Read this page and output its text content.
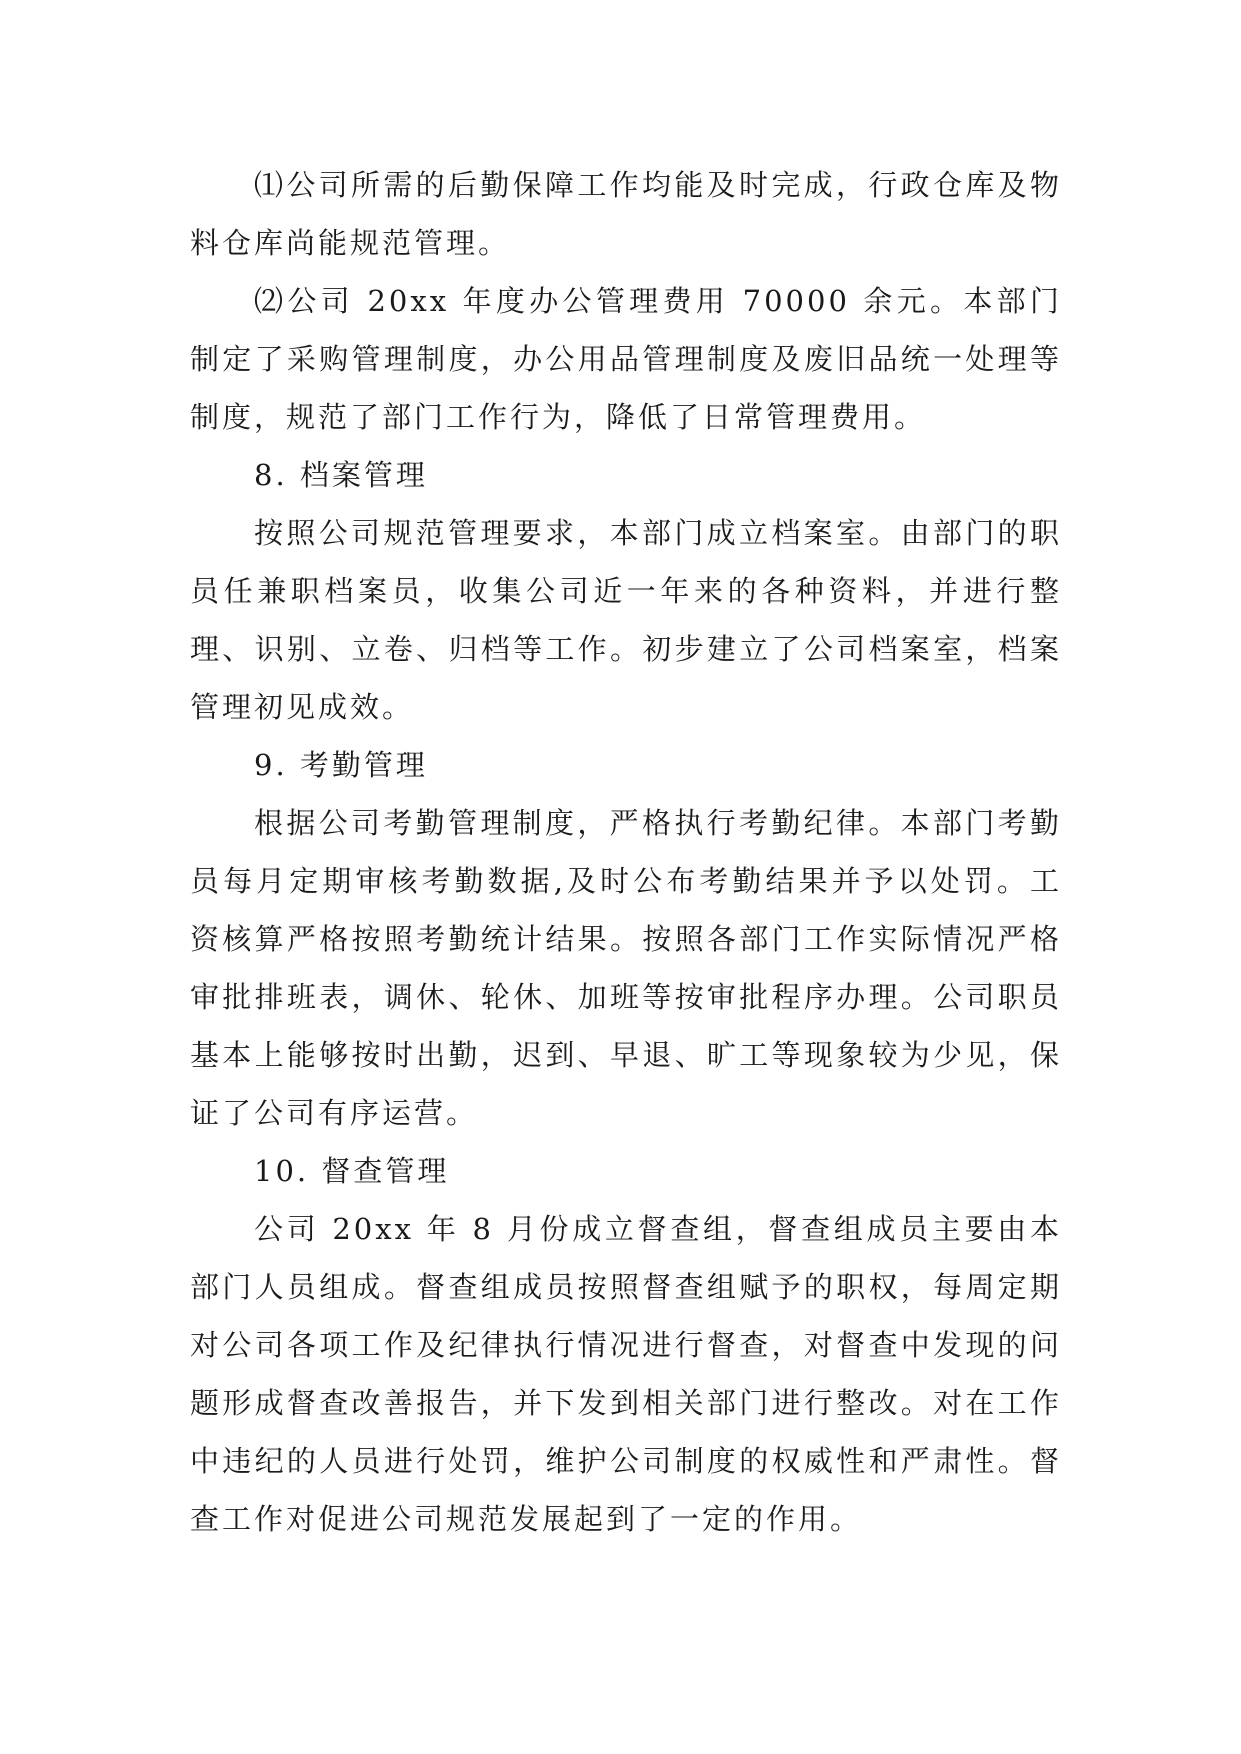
⑴公司所需的后勤保障工作均能及时完成，行政仓库及物料仓库尚能规范管理。

⑵公司 20xx 年度办公管理费用 70000 余元。本部门制定了采购管理制度，办公用品管理制度及废旧品统一处理等制度，规范了部门工作行为，降低了日常管理费用。

8. 档案管理

按照公司规范管理要求，本部门成立档案室。由部门的职员任兼职档案员，收集公司近一年来的各种资料，并进行整理、识别、立卷、归档等工作。初步建立了公司档案室，档案管理初见成效。

9. 考勤管理

根据公司考勤管理制度，严格执行考勤纪律。本部门考勤员每月定期审核考勤数据,及时公布考勤结果并予以处罚。工资核算严格按照考勤统计结果。按照各部门工作实际情况严格审批排班表，调休、轮休、加班等按审批程序办理。公司职员基本上能够按时出勤，迟到、早退、旷工等现象较为少见，保证了公司有序运营。

10. 督查管理

公司 20xx 年 8 月份成立督查组，督查组成员主要由本部门人员组成。督查组成员按照督查组赋予的职权，每周定期对公司各项工作及纪律执行情况进行督查，对督查中发现的问题形成督查改善报告，并下发到相关部门进行整改。对在工作中违纪的人员进行处罚，维护公司制度的权威性和严肃性。督查工作对促进公司规范发展起到了一定的作用。
